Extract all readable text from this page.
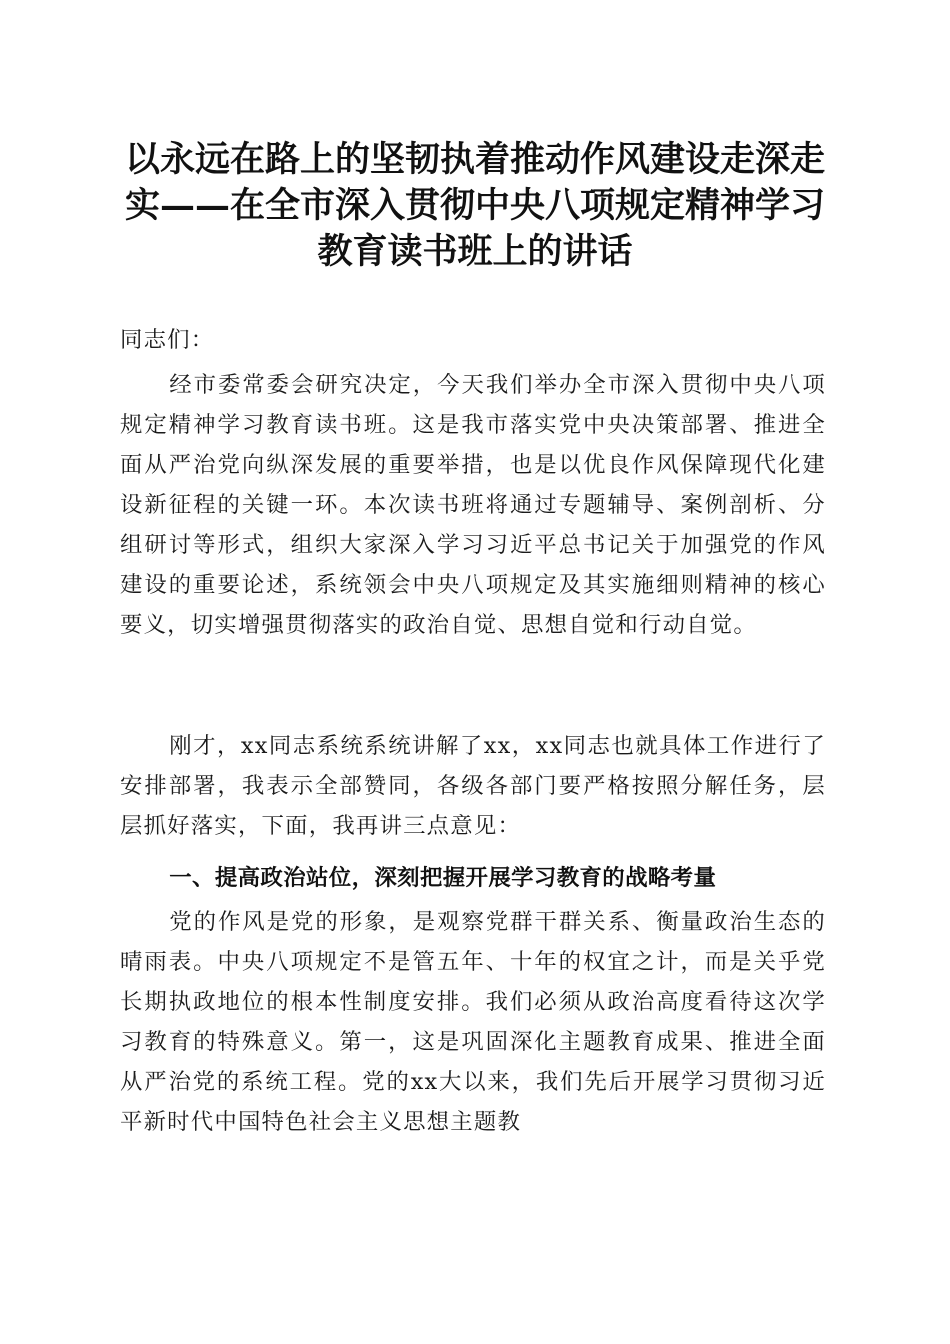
以永远在路上的坚韧执着推动作风建设走深走实——在全市深入贯彻中央八项规定精神学习教育读书班上的讲话

同志们：

经市委常委会研究决定，今天我们举办全市深入贯彻中央八项规定精神学习教育读书班。这是我市落实党中央决策部署、推进全面从严治党向纵深发展的重要举措，也是以优良作风保障现代化建设新征程的关键一环。本次读书班将通过专题辅导、案例剖析、分组研讨等形式，组织大家深入学习习近平总书记关于加强党的作风建设的重要论述，系统领会中央八项规定及其实施细则精神的核心要义，切实增强贯彻落实的政治自觉、思想自觉和行动自觉。

刚才，xx同志系统系统讲解了xx，xx同志也就具体工作进行了安排部署，我表示全部赞同，各级各部门要严格按照分解任务，层层抓好落实，下面，我再讲三点意见：

一、提高政治站位，深刻把握开展学习教育的战略考量

党的作风是党的形象，是观察党群干群关系、衡量政治生态的晴雨表。中央八项规定不是管五年、十年的权宜之计，而是关乎党长期执政地位的根本性制度安排。我们必须从政治高度看待这次学习教育的特殊意义。第一，这是巩固深化主题教育成果、推进全面从严治党的系统工程。党的xx大以来，我们先后开展学习贯彻习近平新时代中国特色社会主义思想主题教
